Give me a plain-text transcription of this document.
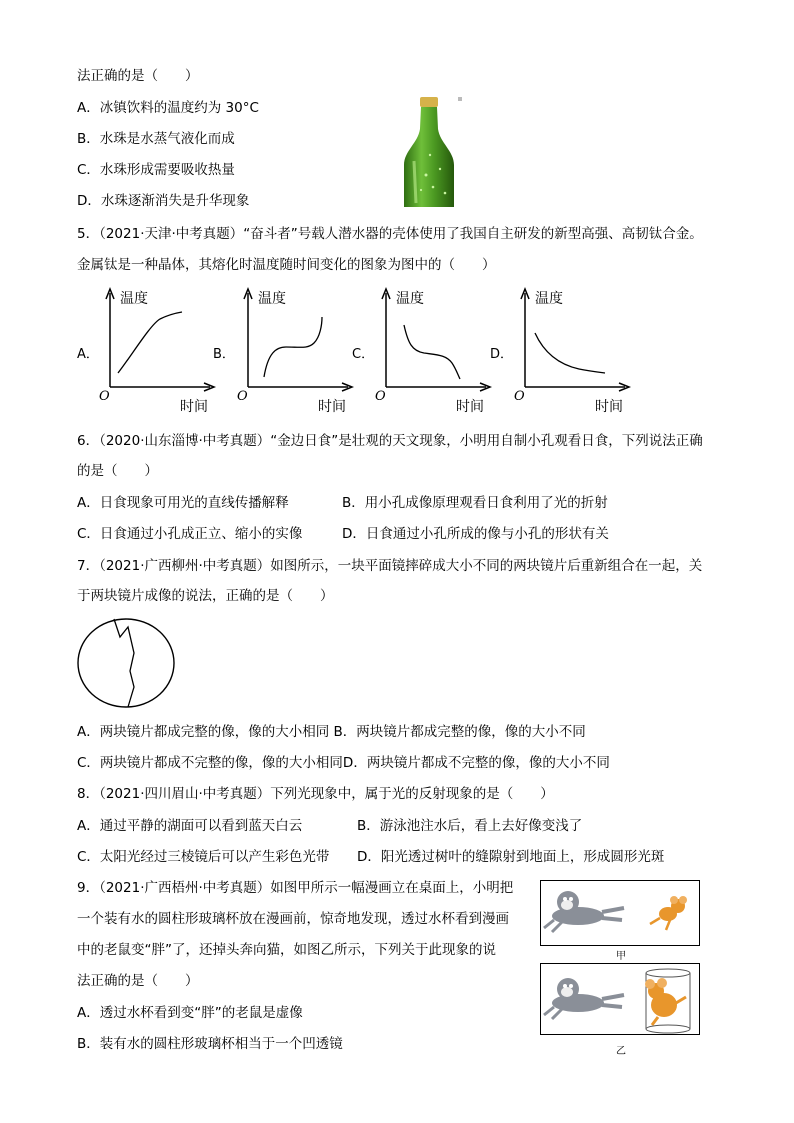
法正确的是（　　）
A．冰镇饮料的温度约为 30°C
B．水珠是水蒸气液化而成
C．水珠形成需要吸收热量
D．水珠逐渐消失是升华现象
5．（2021·天津·中考真题）“奋斗者”号载人潜水器的壳体使用了我国自主研发的新型高强、高韧钛合金。
金属钛是一种晶体，其熔化时温度随时间变化的图象为图中的（　　）
A．
温度
时间
O
B．
温度
时间
O
C．
温度
时间
O
D．
温度
时间
O
6．（2020·山东淄博·中考真题）“金边日食”是壮观的天文现象，小明用自制小孔观看日食，下列说法正确
的是（　　）
A．日食现象可用光的直线传播解释	B．用小孔成像原理观看日食利用了光的折射
C．日食通过小孔成正立、缩小的实像	D．日食通过小孔所成的像与小孔的形状有关
7．（2021·广西柳州·中考真题）如图所示，一块平面镜摔碎成大小不同的两块镜片后重新组合在一起，关
于两块镜片成像的说法，正确的是（　　）
A．两块镜片都成完整的像，像的大小相同 B．两块镜片都成完整的像，像的大小不同
C．两块镜片都成不完整的像，像的大小相同D．两块镜片都成不完整的像，像的大小不同
8．（2021·四川眉山·中考真题）下列光现象中，属于光的反射现象的是（　　）
A．通过平静的湖面可以看到蓝天白云	B．游泳池注水后，看上去好像变浅了
C．太阳光经过三棱镜后可以产生彩色光带 D．阳光透过树叶的缝隙射到地面上，形成圆形光斑
9．（2021·广西梧州·中考真题）如图甲所示一幅漫画立在桌面上，小明把
一个装有水的圆柱形玻璃杯放在漫画前，惊奇地发现，透过水杯看到漫画
中的老鼠变“胖”了，还掉头奔向猫，如图乙所示，下列关于此现象的说
法正确的是（　　）
A．透过水杯看到变“胖”的老鼠是虚像
B．装有水的圆柱形玻璃杯相当于一个凹透镜
甲
乙
